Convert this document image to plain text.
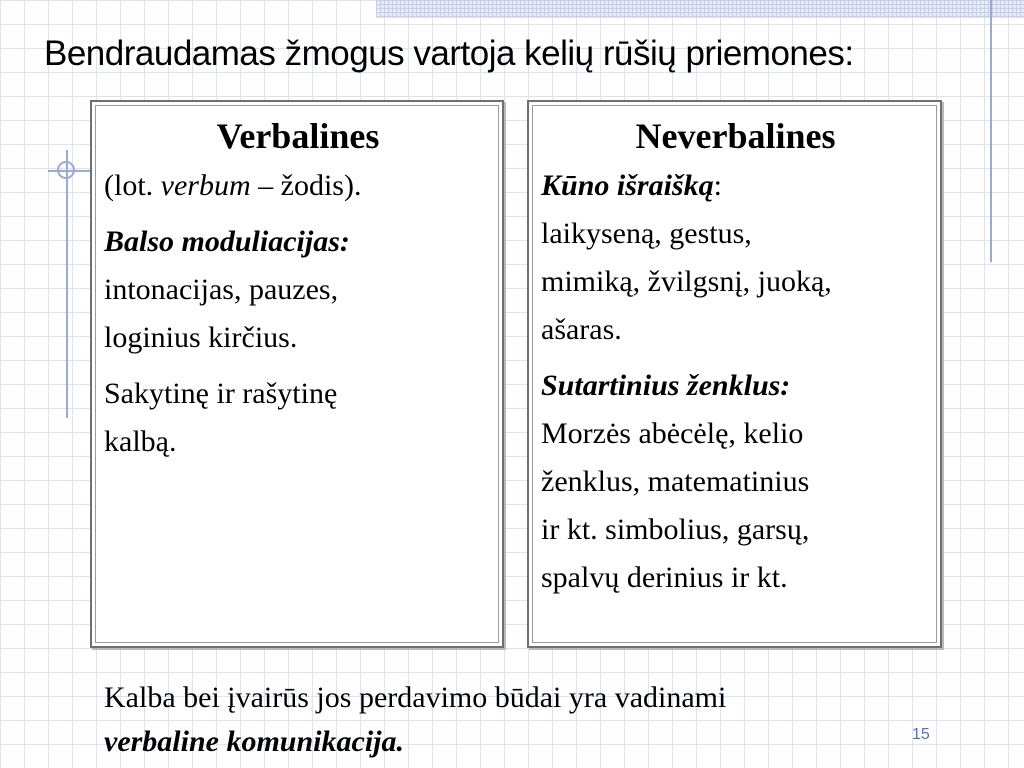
Bendraudamas žmogus vartoja kelių rūšių priemones:
Verbalines

(lot. verbum – žodis).

Balso moduliacijas:
intonacijas, pauzes,
loginius kirčius.

Sakytinę ir rašytinę
kalbą.

Neverbalines

Kūno išraišką:
laikyseną, gestus,
mimiką, žvilgsnį, juoką,
ašaras.

Sutartinius ženklus:
Morzės abėcėlę, kelio
ženklus, matematinius
ir kt. simbolius, garsų,
spalvų derinius ir kt.

Kalba bei įvairūs jos perdavimo būdai yra vadinami
verbaline komunikacija.	15
